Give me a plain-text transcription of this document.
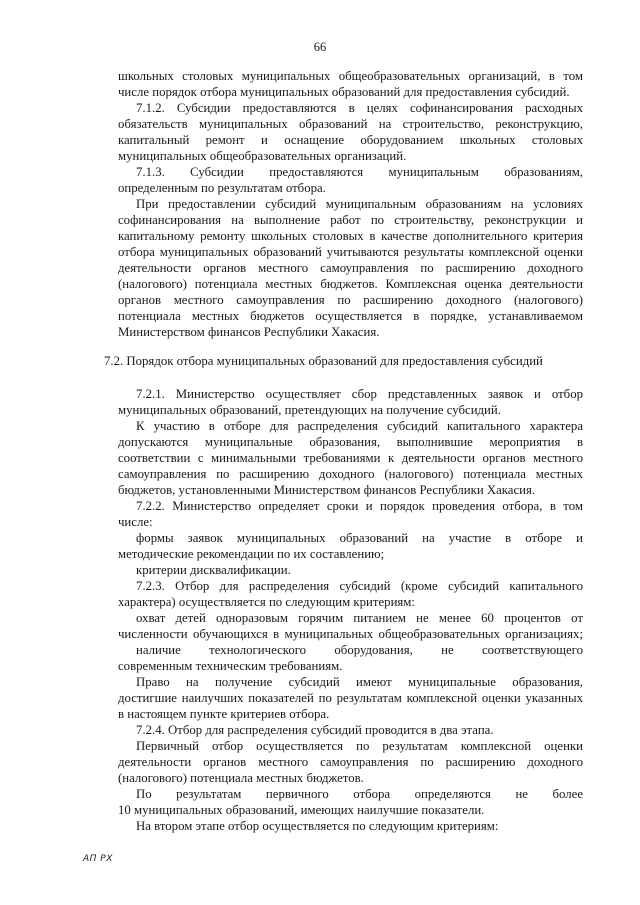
66
школьных столовых муниципальных общеобразовательных организаций, в том
числе порядок отбора муниципальных образований для предоставления субсидий.
7.1.2. Субсидии предоставляются в целях софинансирования расходных
обязательств муниципальных образований на строительство, реконструкцию,
капитальный ремонт и оснащение оборудованием школьных столовых
муниципальных общеобразовательных организаций.
7.1.3. Субсидии предоставляются муниципальным образованиям,
определенным по результатам отбора.
При предоставлении субсидий муниципальным образованиям на условиях
софинансирования на выполнение работ по строительству, реконструкции и
капитальному ремонту школьных столовых в качестве дополнительного критерия
отбора муниципальных образований учитываются результаты комплексной оценки
деятельности органов местного самоуправления по расширению доходного
(налогового) потенциала местных бюджетов. Комплексная оценка деятельности
органов местного самоуправления по расширению доходного (налогового)
потенциала местных бюджетов осуществляется в порядке, устанавливаемом
Министерством финансов Республики Хакасия.
7.2.1. Министерство осуществляет сбор представленных заявок и отбор
муниципальных образований, претендующих на получение субсидий.
К участию в отборе для распределения субсидий капитального характера
допускаются муниципальные образования, выполнившие мероприятия в
соответствии с минимальными требованиями к деятельности органов местного
самоуправления по расширению доходного (налогового) потенциала местных
бюджетов, установленными Министерством финансов Республики Хакасия.
7.2.2. Министерство определяет сроки и порядок проведения отбора, в том
числе:
формы заявок муниципальных образований на участие в отборе и
методические рекомендации по их составлению;
критерии дисквалификации.
7.2.3. Отбор для распределения субсидий (кроме субсидий капитального
характера) осуществляется по следующим критериям:
охват детей одноразовым горячим питанием не менее 60 процентов от
численности обучающихся в муниципальных общеобразовательных организациях;
наличие технологического оборудования, не соответствующего
современным техническим требованиям.
Право на получение субсидий имеют муниципальные образования,
достигшие наилучших показателей по результатам комплексной оценки указанных
в настоящем пункте критериев отбора.
7.2.4. Отбор для распределения субсидий проводится в два этапа.
Первичный отбор осуществляется по результатам комплексной оценки
деятельности органов местного самоуправления по расширению доходного
(налогового) потенциала местных бюджетов.
По результатам первичного отбора определяются не более
10 муниципальных образований, имеющих наилучшие показатели.
На втором этапе отбор осуществляется по следующим критериям:
7.2. Порядок отбора муниципальных образований для предоставления субсидий
АП РХ
